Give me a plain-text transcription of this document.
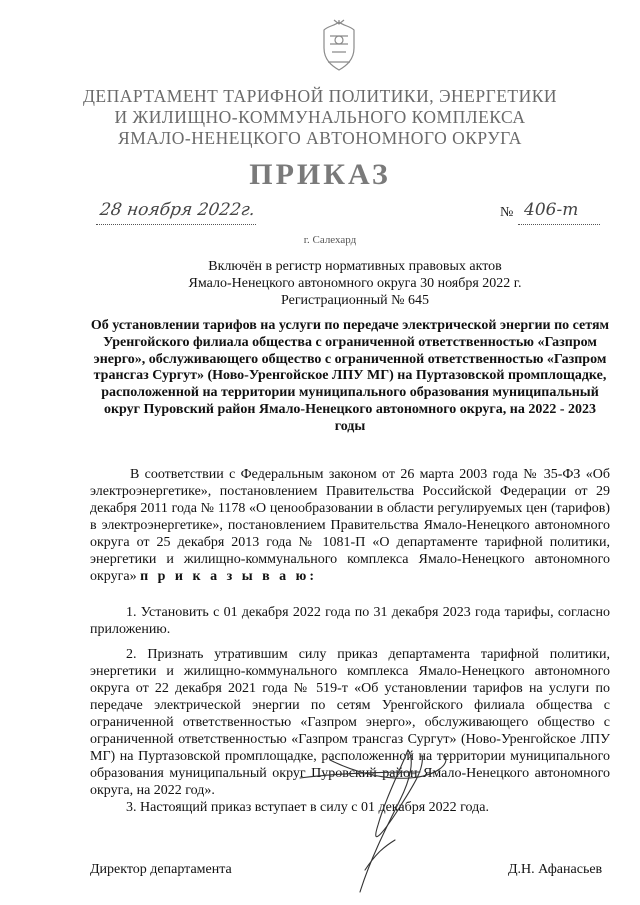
ДЕПАРТАМЕНТ ТАРИФНОЙ ПОЛИТИКИ, ЭНЕРГЕТИКИ
И ЖИЛИЩНО-КОММУНАЛЬНОГО КОМПЛЕКСА
ЯМАЛО-НЕНЕЦКОГО АВТОНОМНОГО ОКРУГА
ПРИКАЗ
28 ноября 2022г.	№ 406-т
г. Салехард
Включён в регистр нормативных правовых актов
Ямало-Ненецкого автономного округа 30 ноября 2022 г.
Регистрационный № 645
Об установлении тарифов на услуги по передаче электрической энергии по сетям Уренгойского филиала общества с ограниченной ответственностью «Газпром энерго», обслуживающего общество с ограниченной ответственностью «Газпром трансгаз Сургут» (Ново-Уренгойское ЛПУ МГ) на Пуртазовской промплощадке, расположенной на территории муниципального образования муниципальный округ Пуровский район Ямало-Ненецкого автономного округа, на 2022 - 2023 годы
В соответствии с Федеральным законом от 26 марта 2003 года № 35-ФЗ «Об электроэнергетике», постановлением Правительства Российской Федерации от 29 декабря 2011 года № 1178 «О ценообразовании в области регулируемых цен (тарифов) в электроэнергетике», постановлением Правительства Ямало-Ненецкого автономного округа от 25 декабря 2013 года № 1081-П «О департаменте тарифной политики, энергетики и жилищно-коммунального комплекса Ямало-Ненецкого автономного округа» п р и к а з ы в а ю:

1. Установить с 01 декабря 2022 года по 31 декабря 2023 года тарифы, согласно приложению.

2. Признать утратившим силу приказ департамента тарифной политики, энергетики и жилищно-коммунального комплекса Ямало-Ненецкого автономного округа от 22 декабря 2021 года № 519-т «Об установлении тарифов на услуги по передаче электрической энергии по сетям Уренгойского филиала общества с ограниченной ответственностью «Газпром энерго», обслуживающего общество с ограниченной ответственностью «Газпром трансгаз Сургут» (Ново-Уренгойское ЛПУ МГ) на Пуртазовской промплощадке, расположенной на территории муниципального образования муниципальный округ Пуровский район Ямало-Ненецкого автономного округа, на 2022 год».

3. Настоящий приказ вступает в силу с 01 декабря 2022 года.

Директор департамента	Д.Н. Афанасьев
